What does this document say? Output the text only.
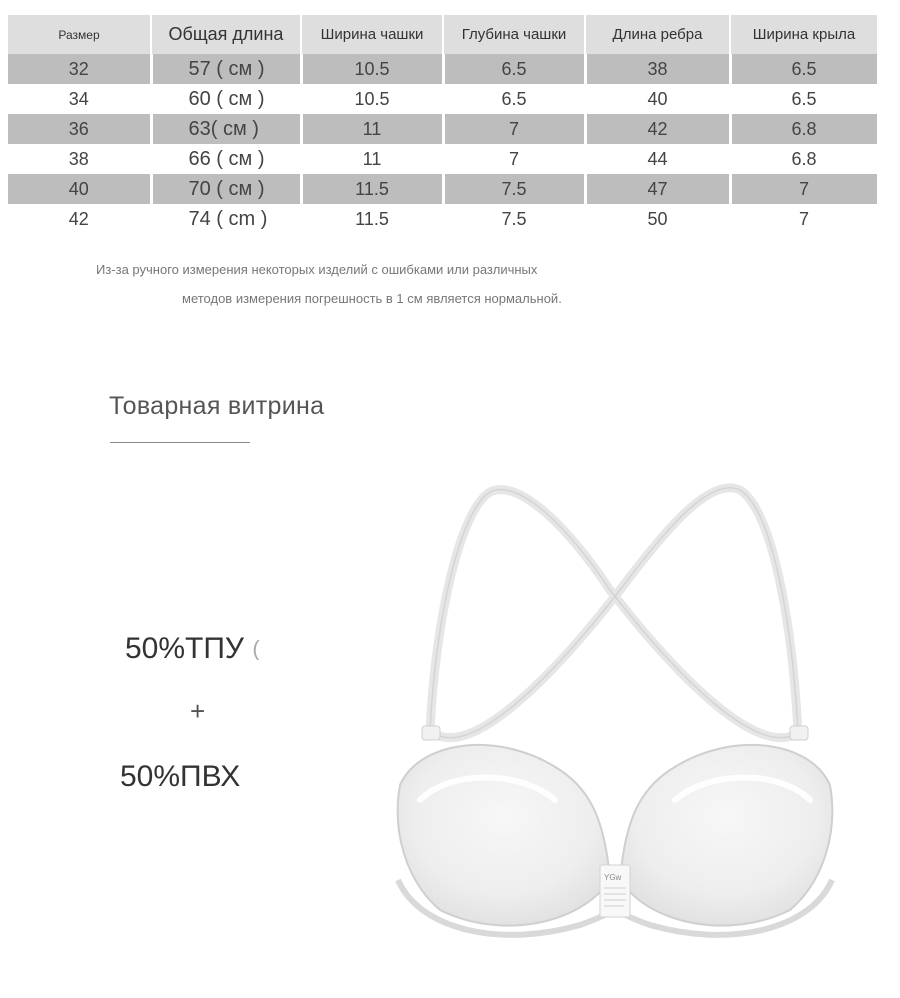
Размер	Общая длина	Ширина чашки	Глубина чашки	Длина ребра	Ширина крыла
32	57 ( см )	10.5	6.5	38	6.5
34	60 ( см )	10.5	6.5	40	6.5
36	63( см )	11	7	42	6.8
38	66 ( см )	11	7	44	6.8
40	70 ( см )	11.5	7.5	47	7
42	74 ( cm )	11.5	7.5	50	7
Из-за ручного измерения некоторых изделий с ошибками или различных
методов измерения погрешность в 1 см является нормальной.
Товарная витрина
50%ТПУ (
+
50%ПВХ
YGw
